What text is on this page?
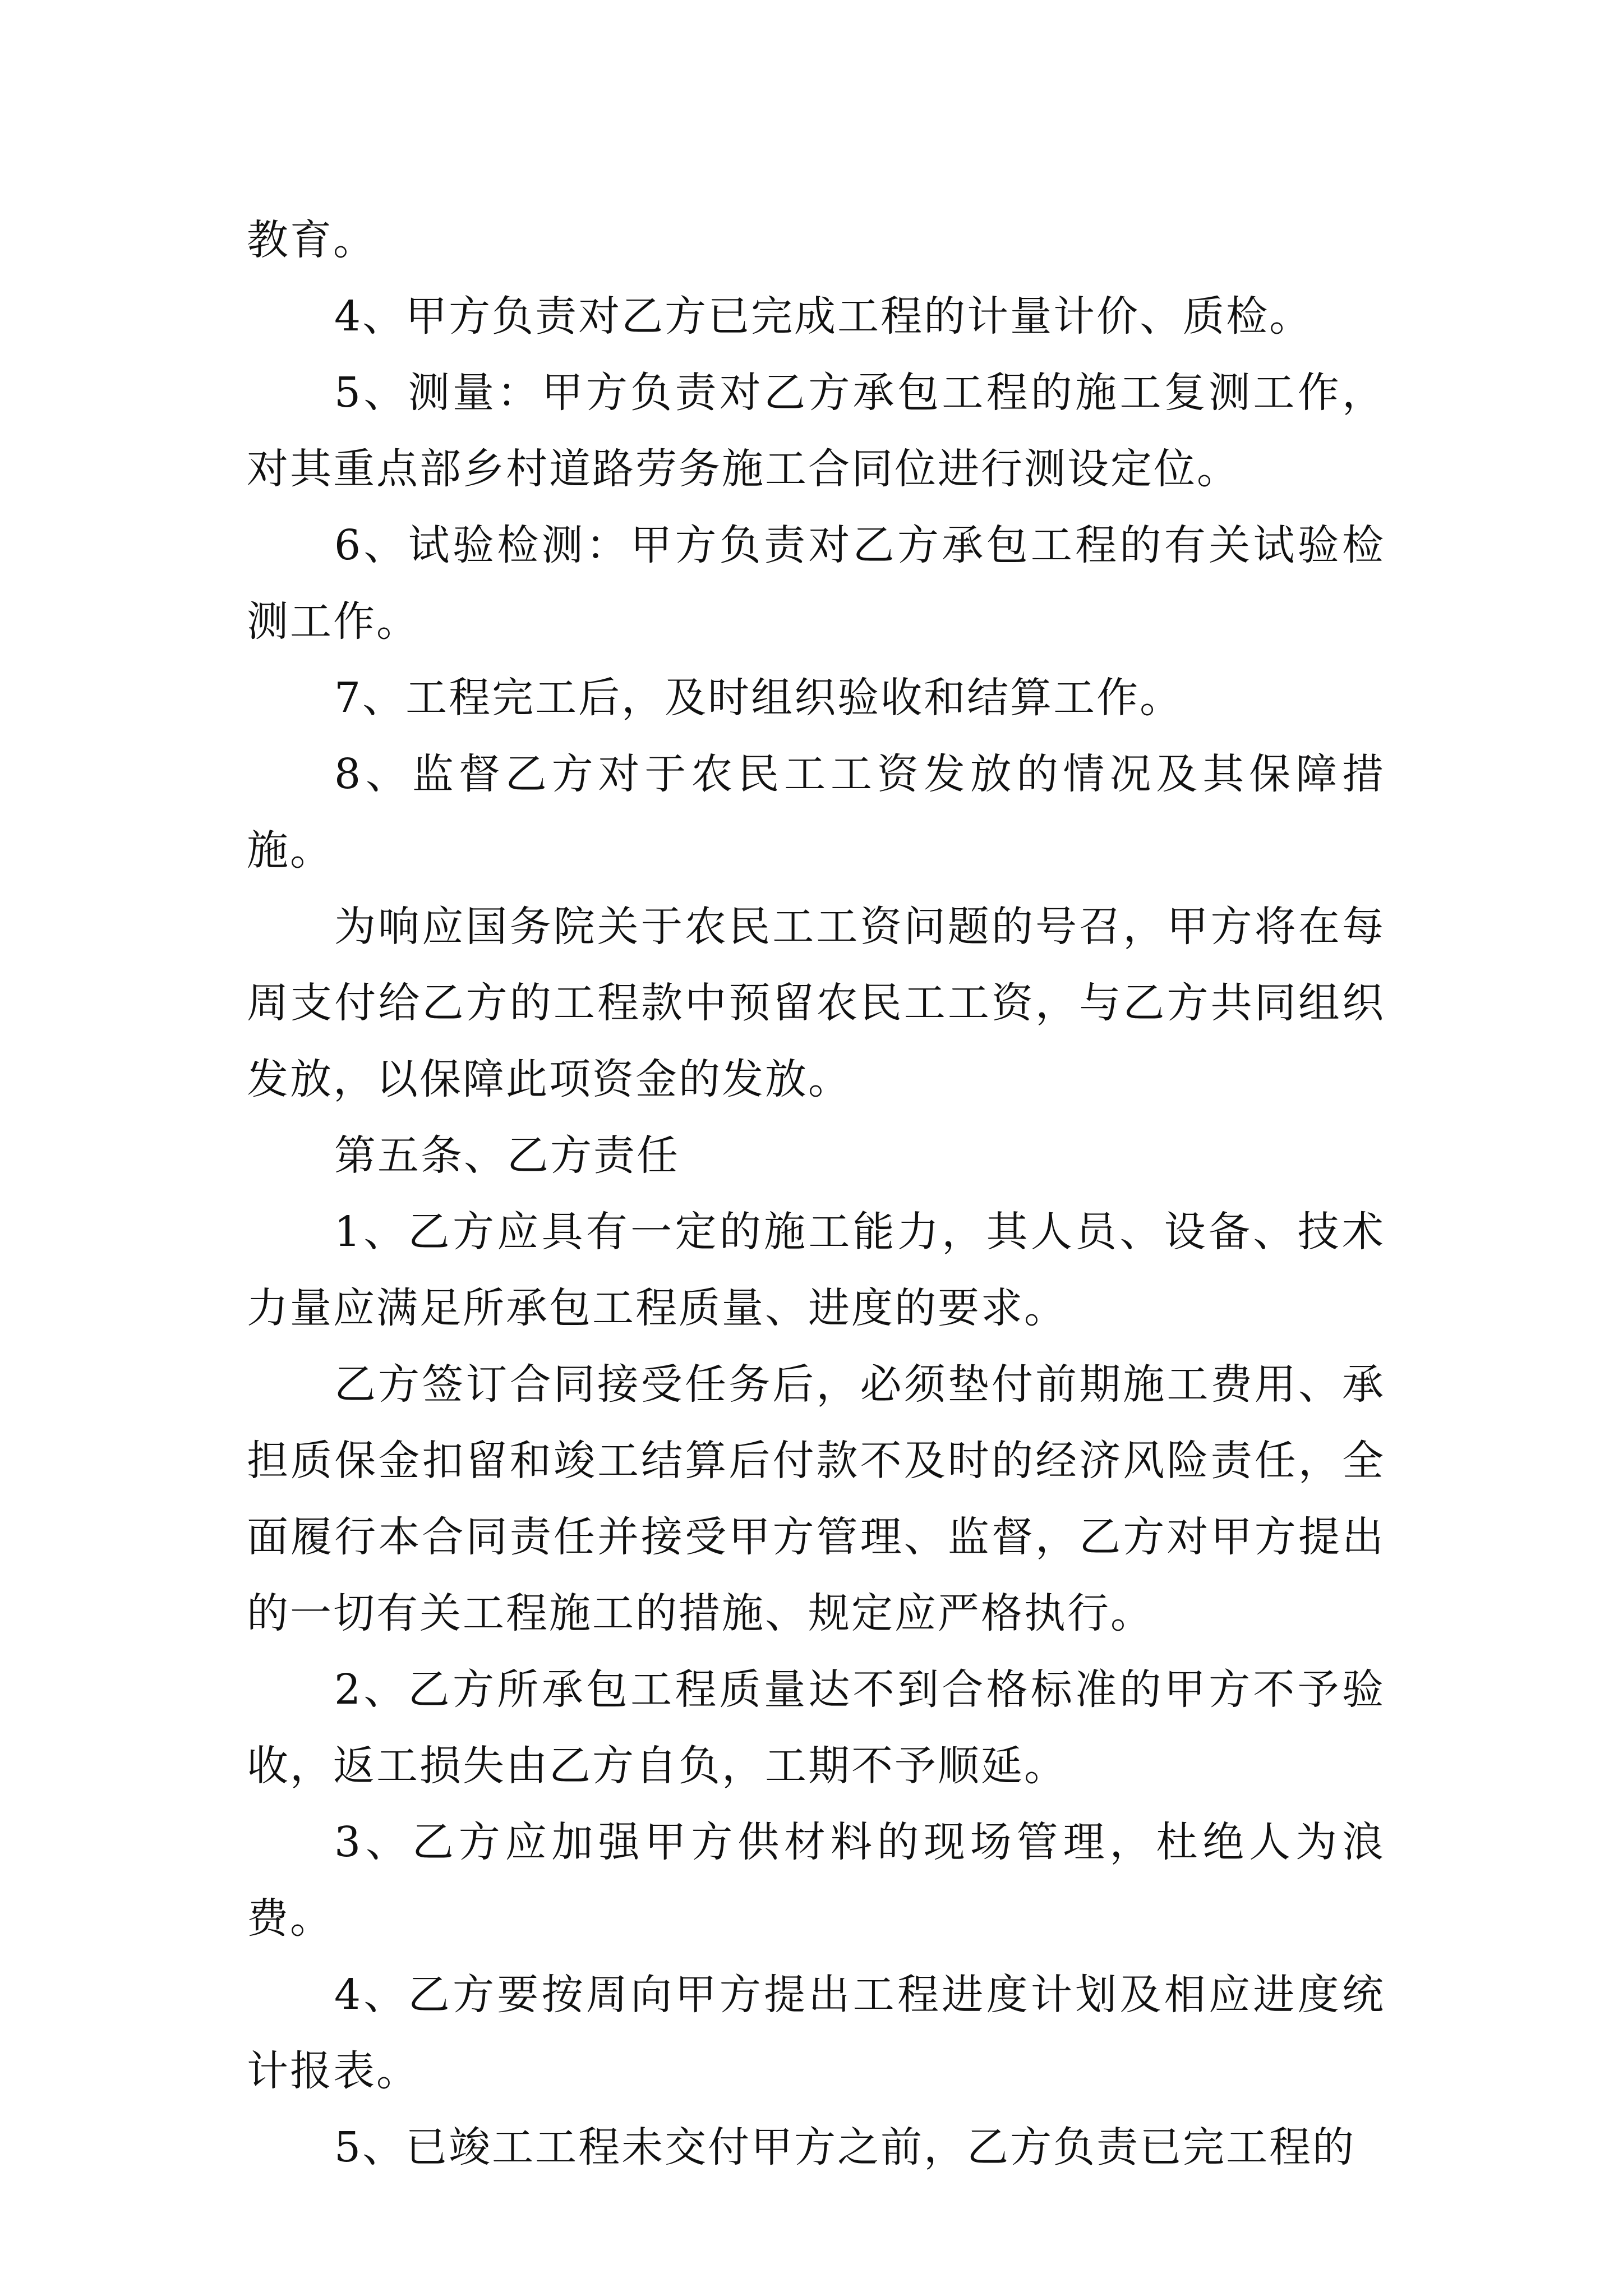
教育。

4、甲方负责对乙方已完成工程的计量计价、质检。

5、测量：甲方负责对乙方承包工程的施工复测工作，对其重点部乡村道路劳务施工合同位进行测设定位。

6、试验检测：甲方负责对乙方承包工程的有关试验检测工作。

7、工程完工后，及时组织验收和结算工作。

8、监督乙方对于农民工工资发放的情况及其保障措施。

为响应国务院关于农民工工资问题的号召，甲方将在每周支付给乙方的工程款中预留农民工工资，与乙方共同组织发放，以保障此项资金的发放。

第五条、乙方责任

1、乙方应具有一定的施工能力，其人员、设备、技术力量应满足所承包工程质量、进度的要求。

乙方签订合同接受任务后，必须垫付前期施工费用、承担质保金扣留和竣工结算后付款不及时的经济风险责任，全面履行本合同责任并接受甲方管理、监督，乙方对甲方提出的一切有关工程施工的措施、规定应严格执行。

2、乙方所承包工程质量达不到合格标准的甲方不予验收，返工损失由乙方自负，工期不予顺延。

3、乙方应加强甲方供材料的现场管理，杜绝人为浪费。

4、乙方要按周向甲方提出工程进度计划及相应进度统计报表。

5、已竣工工程未交付甲方之前，乙方负责已完工程的
